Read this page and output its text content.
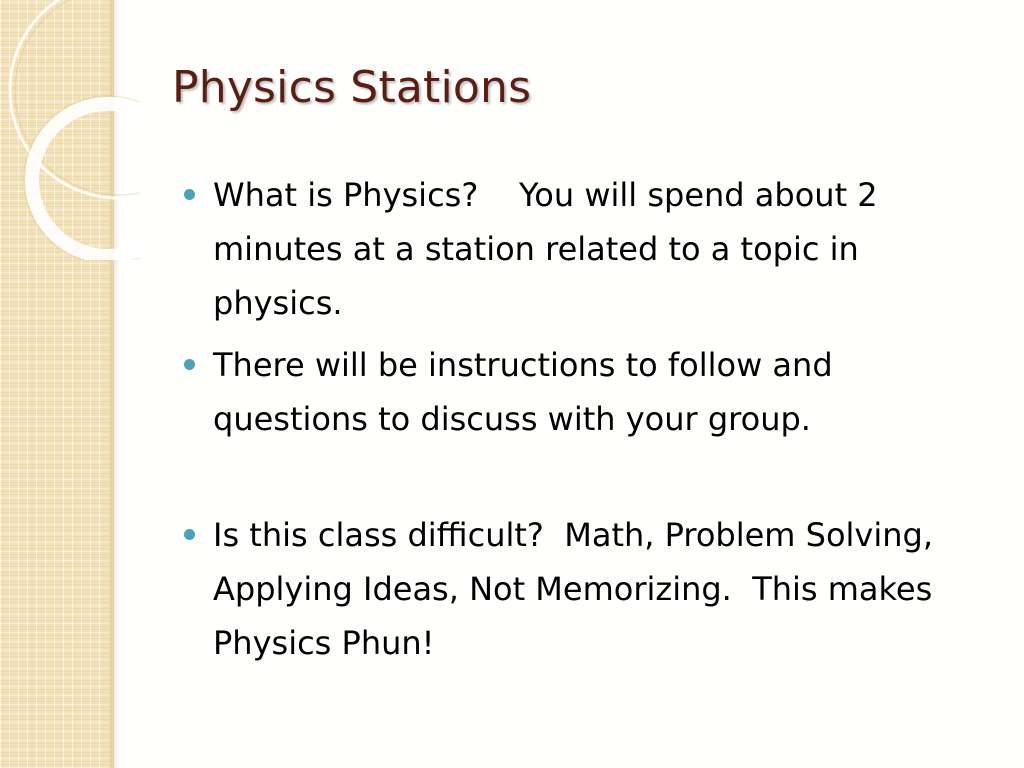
Physics Stations
What is Physics?    You will spend about 2 minutes at a station related to a topic in physics.
There will be instructions to follow and questions to discuss with your group.
Is this class difficult?  Math, Problem Solving,  Applying Ideas, Not Memorizing.  This makes Physics Phun!
